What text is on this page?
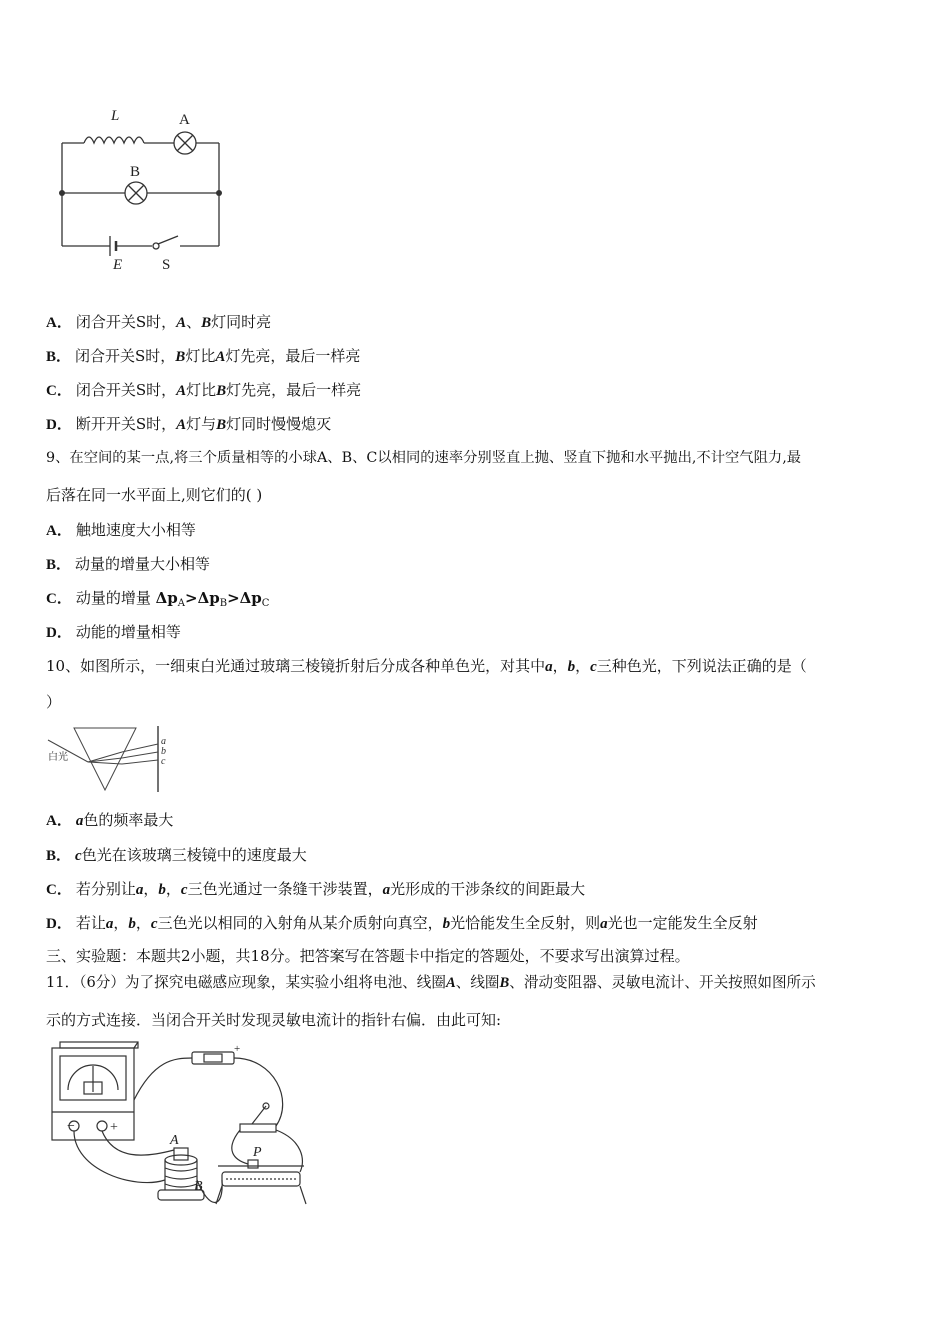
L	A
B
E	S
A． 闭合开关S时，A、B灯同时亮
B． 闭合开关S时，B灯比A灯先亮，最后一样亮
C． 闭合开关S时，A灯比B灯先亮，最后一样亮
D． 断开开关S时，A灯与B灯同时慢慢熄灭
9、在空间的某一点,将三个质量相等的小球A、B、C以相同的速率分别竖直上抛、竖直下抛和水平抛出,不计空气阻力,最
后落在同一水平面上,则它们的( )
A． 触地速度大小相等
B． 动量的增量大小相等
C． 动量的增量 $\Delta p_A>\Delta p_B>\Delta p_C$
D． 动能的增量相等
10、如图所示，一细束白光通过玻璃三棱镜折射后分成各种单色光，对其中a，b，c三种色光，下列说法正确的是（
）
白光
a
b
c
A． a色的频率最大
B． c色光在该玻璃三棱镜中的速度最大
C． 若分别让a，b，c三色光通过一条缝干涉装置，a光形成的干涉条纹的间距最大
D． 若让a，b，c三色光以相同的入射角从某介质射向真空，b光恰能发生全反射，则a光也一定能发生全反射
三、实验题：本题共2小题，共18分。把答案写在答题卡中指定的答题处，不要求写出演算过程。
11．（6分）为了探究电磁感应现象，某实验小组将电池、线圈A、线圈B、滑动变阻器、灵敏电流计、开关按照如图所示
示的方式连接．当闭合开关时发现灵敏电流计的指针右偏．由此可知:
−	+
A
B
P
+
